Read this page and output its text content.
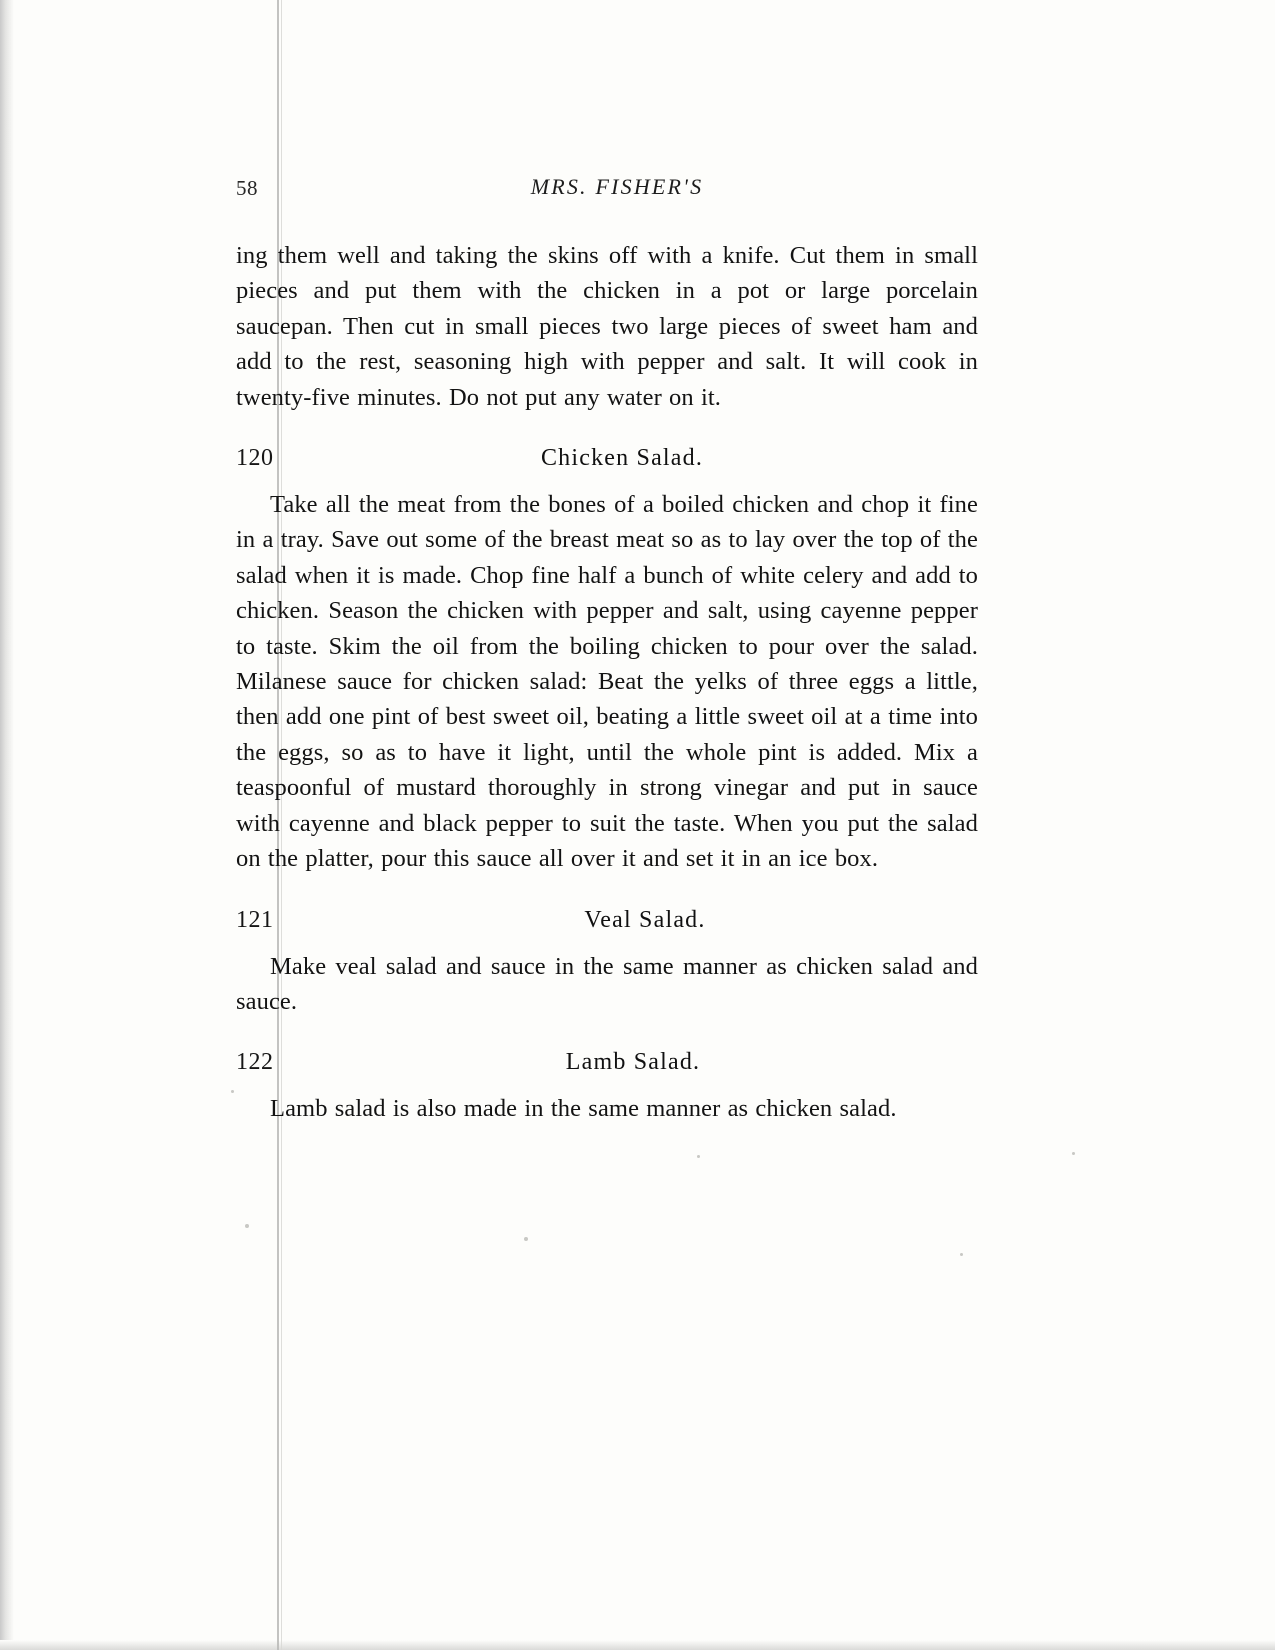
58	MRS. FISHER'S

ing them well and taking the skins off with a knife. Cut them in small pieces and put them with the chicken in a pot or large porcelain saucepan. Then cut in small pieces two large pieces of sweet ham and add to the rest, seasoning high with pepper and salt. It will cook in twenty-five minutes. Do not put any water on it.

120	Chicken Salad.

Take all the meat from the bones of a boiled chicken and chop it fine in a tray. Save out some of the breast meat so as to lay over the top of the salad when it is made. Chop fine half a bunch of white celery and add to chicken. Season the chicken with pepper and salt, using cayenne pepper to taste. Skim the oil from the boiling chicken to pour over the salad. Milanese sauce for chicken salad: Beat the yelks of three eggs a little, then add one pint of best sweet oil, beating a little sweet oil at a time into the eggs, so as to have it light, until the whole pint is added. Mix a teaspoonful of mustard thoroughly in strong vinegar and put in sauce with cayenne and black pepper to suit the taste. When you put the salad on the platter, pour this sauce all over it and set it in an ice box.

121	Veal Salad.

Make veal salad and sauce in the same manner as chicken salad and sauce.

122	Lamb Salad.

Lamb salad is also made in the same manner as chicken salad.
